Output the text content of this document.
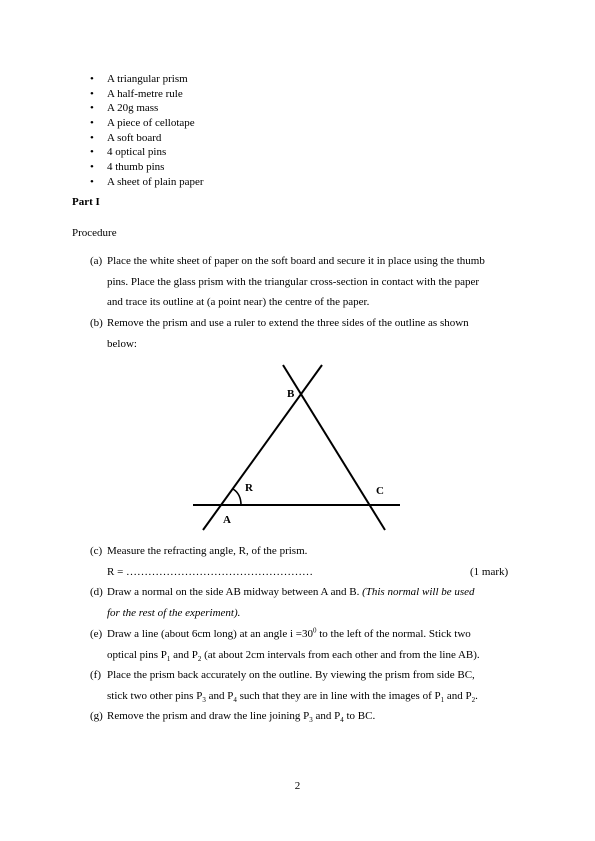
• A triangular prism
• A half-metre rule
• A 20g mass
• A piece of cellotape
• A soft board
• 4 optical pins
• 4 thumb pins
• A sheet of plain paper
Part I
Procedure
(a) Place the white sheet of paper on the soft board and secure it in place using the thumb
pins. Place the glass prism with the triangular cross-section in contact with the paper
and trace its outline at (a point near) the centre of the paper.
(b) Remove the prism and use a ruler to extend the three sides of the outline as shown
below:
B
R	C
A
(c) Measure the refracting angle, R, of the prism.
R = ……………………………………………	(1 mark)
(d) Draw a normal on the side AB midway between A and B. (This normal will be used
for the rest of the experiment).
(e) Draw a line (about 6cm long) at an angle $i =30^0$ to the left of the normal. Stick two
optical pins $P_1$ and $P_2$ (at about 2cm intervals from each other and from the line AB).
(f) Place the prism back accurately on the outline. By viewing the prism from side BC,
stick two other pins $P_3$ and $P_4$ such that they are in line with the images of $P_1$ and $P_2$.
(g) Remove the prism and draw the line joining $P_3$ and $P_4$ to BC.
2
